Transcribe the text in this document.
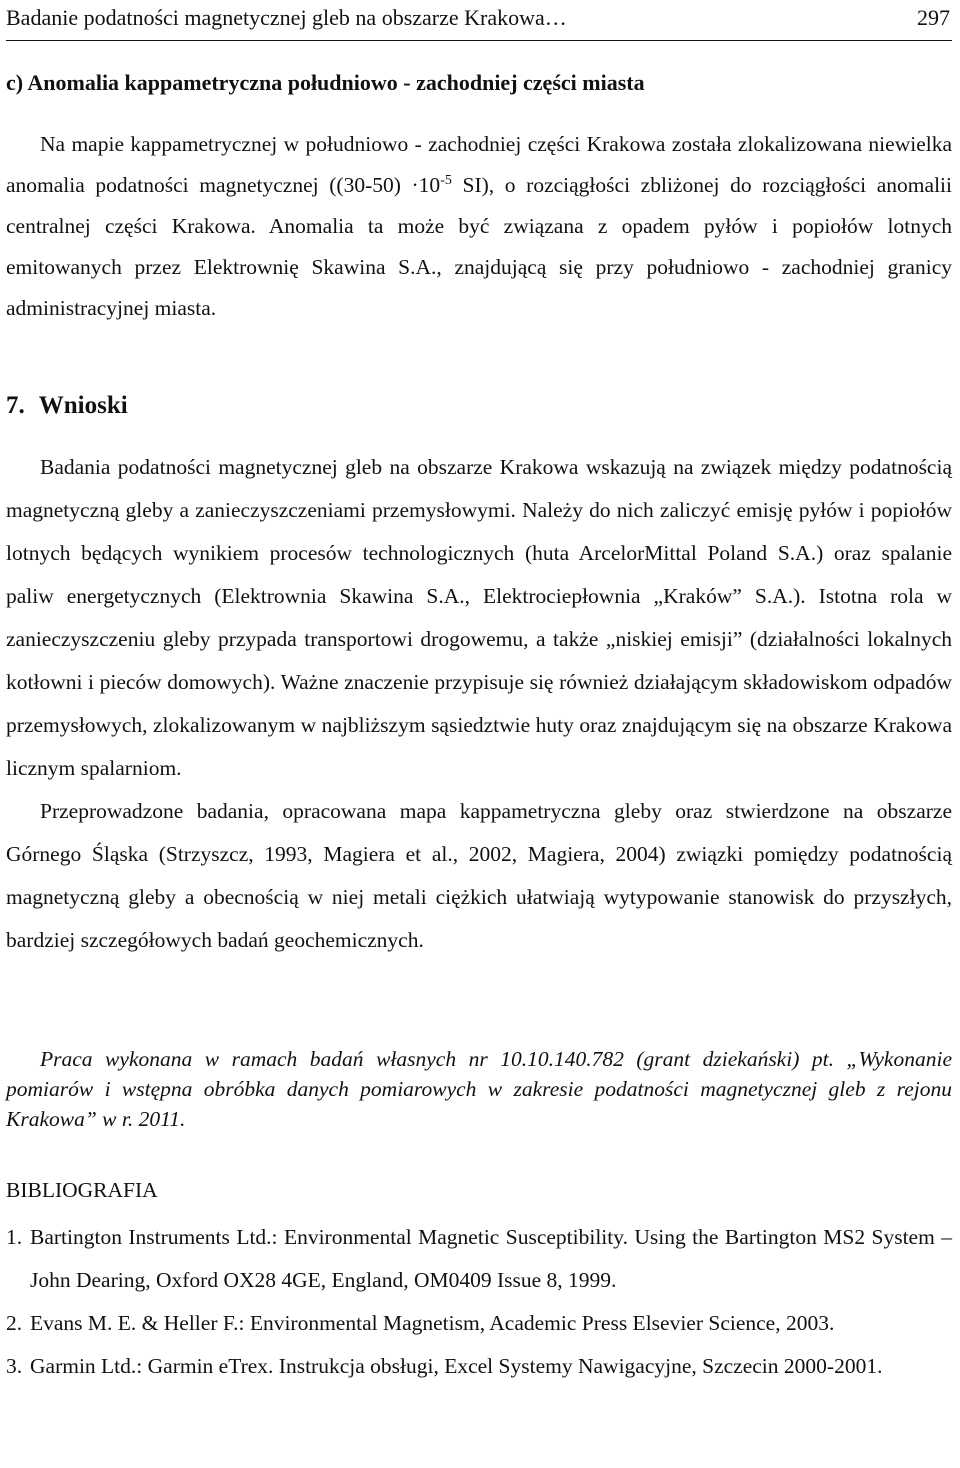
Badanie podatności magnetycznej gleb na obszarze Krakowa…	297
c) Anomalia kappametryczna południowo - zachodniej części miasta

Na mapie kappametrycznej w południowo - zachodniej części Krakowa została zlokalizowana niewielka anomalia podatności magnetycznej ($(30-50) \cdot 10^{-5}$ SI), o rozciągłości zbliżonej do rozciągłości anomalii centralnej części Krakowa. Anomalia ta może być związana z opadem pyłów i popiołów lotnych emitowanych przez Elektrownię Skawina S.A., znajdującą się przy południowo - zachodniej granicy administracyjnej miasta.

7. Wnioski

Badania podatności magnetycznej gleb na obszarze Krakowa wskazują na związek między podatnością magnetyczną gleby a zanieczyszczeniami przemysłowymi. Należy do nich zaliczyć emisję pyłów i popiołów lotnych będących wynikiem procesów technologicznych (huta ArcelorMittal Poland S.A.) oraz spalanie paliw energetycznych (Elektrownia Skawina S.A., Elektrociepłownia „Kraków” S.A.). Istotna rola w zanieczyszczeniu gleby przypada transportowi drogowemu, a także „niskiej emisji” (działalności lokalnych kotłowni i pieców domowych). Ważne znaczenie przypisuje się również działającym składowiskom odpadów przemysłowych, zlokalizowanym w najbliższym sąsiedztwie huty oraz znajdującym się na obszarze Krakowa licznym spalarniom.

Przeprowadzone badania, opracowana mapa kappametryczna gleby oraz stwierdzone na obszarze Górnego Śląska (Strzyszcz, 1993, Magiera et al., 2002, Magiera, 2004) związki pomiędzy podatnością magnetyczną gleby a obecnością w niej metali ciężkich ułatwiają wytypowanie stanowisk do przyszłych, bardziej szczegółowych badań geochemicznych.

Praca wykonana w ramach badań własnych nr 10.10.140.782 (grant dziekański) pt. „Wykonanie pomiarów i wstępna obróbka danych pomiarowych w zakresie podatności magnetycznej gleb z rejonu Krakowa” w r. 2011.

BIBLIOGRAFIA
1. Bartington Instruments Ltd.: Environmental Magnetic Susceptibility. Using the Bartington MS2 System – John Dearing, Oxford OX28 4GE, England, OM0409 Issue 8, 1999.
2. Evans M. E. & Heller F.: Environmental Magnetism, Academic Press Elsevier Science, 2003.
3. Garmin Ltd.: Garmin eTrex. Instrukcja obsługi, Excel Systemy Nawigacyjne, Szczecin 2000-2001.
